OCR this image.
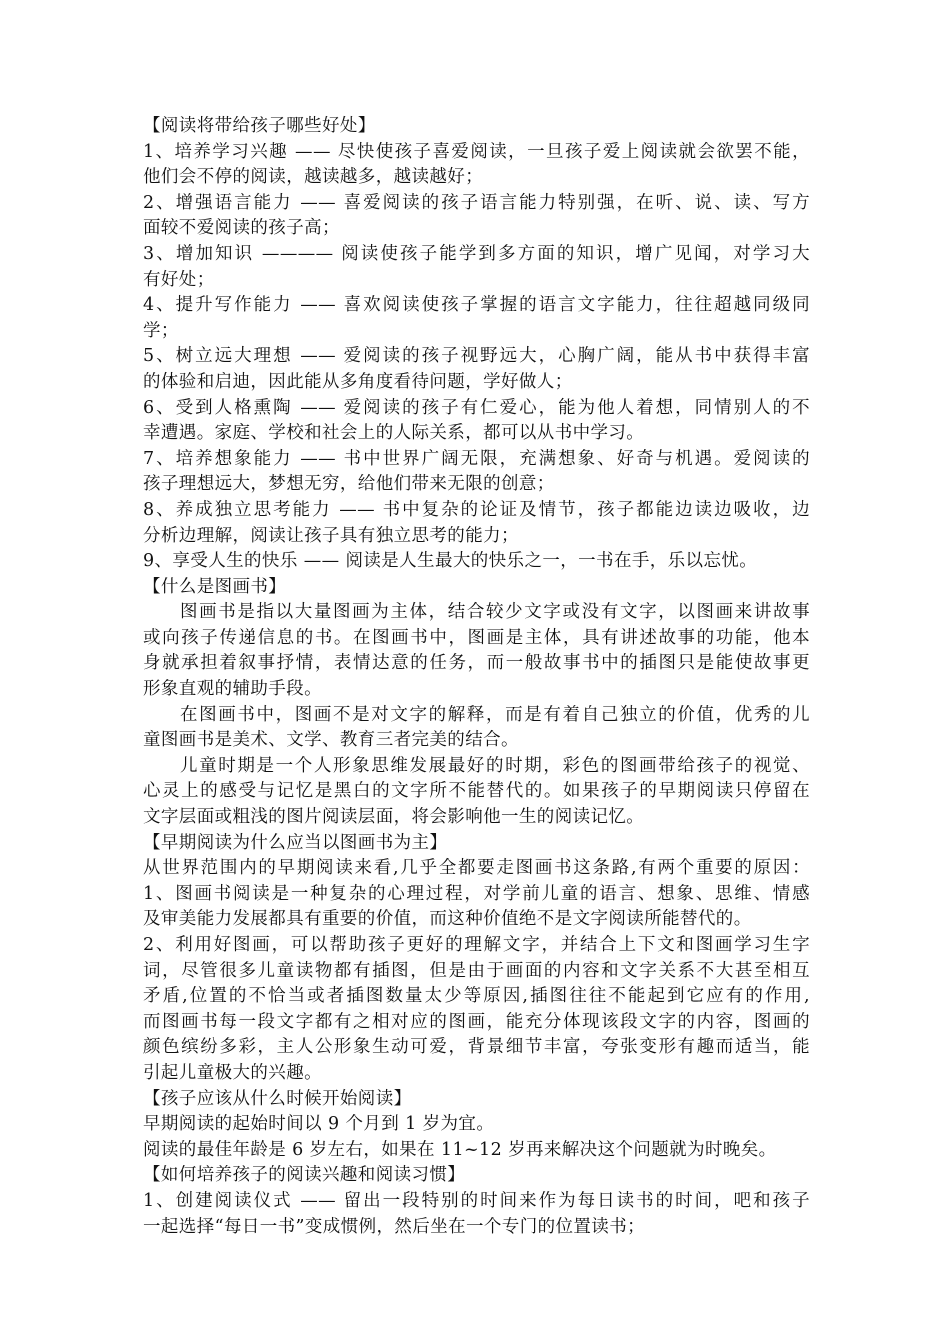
【阅读将带给孩子哪些好处】
1、培养学习兴趣 —— 尽快使孩子喜爱阅读，一旦孩子爱上阅读就会欲罢不能，
他们会不停的阅读，越读越多，越读越好；
2、增强语言能力 —— 喜爱阅读的孩子语言能力特别强，在听、说、读、写方
面较不爱阅读的孩子高；
3、增加知识 ———— 阅读使孩子能学到多方面的知识，增广见闻，对学习大
有好处；
4、提升写作能力 —— 喜欢阅读使孩子掌握的语言文字能力，往往超越同级同
学；
5、树立远大理想 —— 爱阅读的孩子视野远大，心胸广阔，能从书中获得丰富
的体验和启迪，因此能从多角度看待问题，学好做人；
6、受到人格熏陶 —— 爱阅读的孩子有仁爱心，能为他人着想，同情别人的不
幸遭遇。家庭、学校和社会上的人际关系，都可以从书中学习。
7、培养想象能力 —— 书中世界广阔无限，充满想象、好奇与机遇。爱阅读的
孩子理想远大，梦想无穷，给他们带来无限的创意；
8、养成独立思考能力 —— 书中复杂的论证及情节，孩子都能边读边吸收，边
分析边理解，阅读让孩子具有独立思考的能力；
9、享受人生的快乐 —— 阅读是人生最大的快乐之一，一书在手，乐以忘忧。
【什么是图画书】
图画书是指以大量图画为主体，结合较少文字或没有文字，以图画来讲故事
或向孩子传递信息的书。在图画书中，图画是主体，具有讲述故事的功能，他本
身就承担着叙事抒情，表情达意的任务，而一般故事书中的插图只是能使故事更
形象直观的辅助手段。
在图画书中，图画不是对文字的解释，而是有着自己独立的价值，优秀的儿
童图画书是美术、文学、教育三者完美的结合。
儿童时期是一个人形象思维发展最好的时期，彩色的图画带给孩子的视觉、
心灵上的感受与记忆是黑白的文字所不能替代的。如果孩子的早期阅读只停留在
文字层面或粗浅的图片阅读层面，将会影响他一生的阅读记忆。
【早期阅读为什么应当以图画书为主】
从世界范围内的早期阅读来看,几乎全都要走图画书这条路,有两个重要的原因：
1、图画书阅读是一种复杂的心理过程，对学前儿童的语言、想象、思维、情感
及审美能力发展都具有重要的价值，而这种价值绝不是文字阅读所能替代的。
2、利用好图画，可以帮助孩子更好的理解文字，并结合上下文和图画学习生字
词，尽管很多儿童读物都有插图，但是由于画面的内容和文字关系不大甚至相互
矛盾,位置的不恰当或者插图数量太少等原因,插图往往不能起到它应有的作用,
而图画书每一段文字都有之相对应的图画，能充分体现该段文字的内容，图画的
颜色缤纷多彩，主人公形象生动可爱，背景细节丰富，夸张变形有趣而适当，能
引起儿童极大的兴趣。
【孩子应该从什么时候开始阅读】
早期阅读的起始时间以 9 个月到 1 岁为宜。
阅读的最佳年龄是 6 岁左右，如果在 11~12 岁再来解决这个问题就为时晚矣。
【如何培养孩子的阅读兴趣和阅读习惯】
1、创建阅读仪式 —— 留出一段特别的时间来作为每日读书的时间，吧和孩子
一起选择“每日一书”变成惯例，然后坐在一个专门的位置读书；
